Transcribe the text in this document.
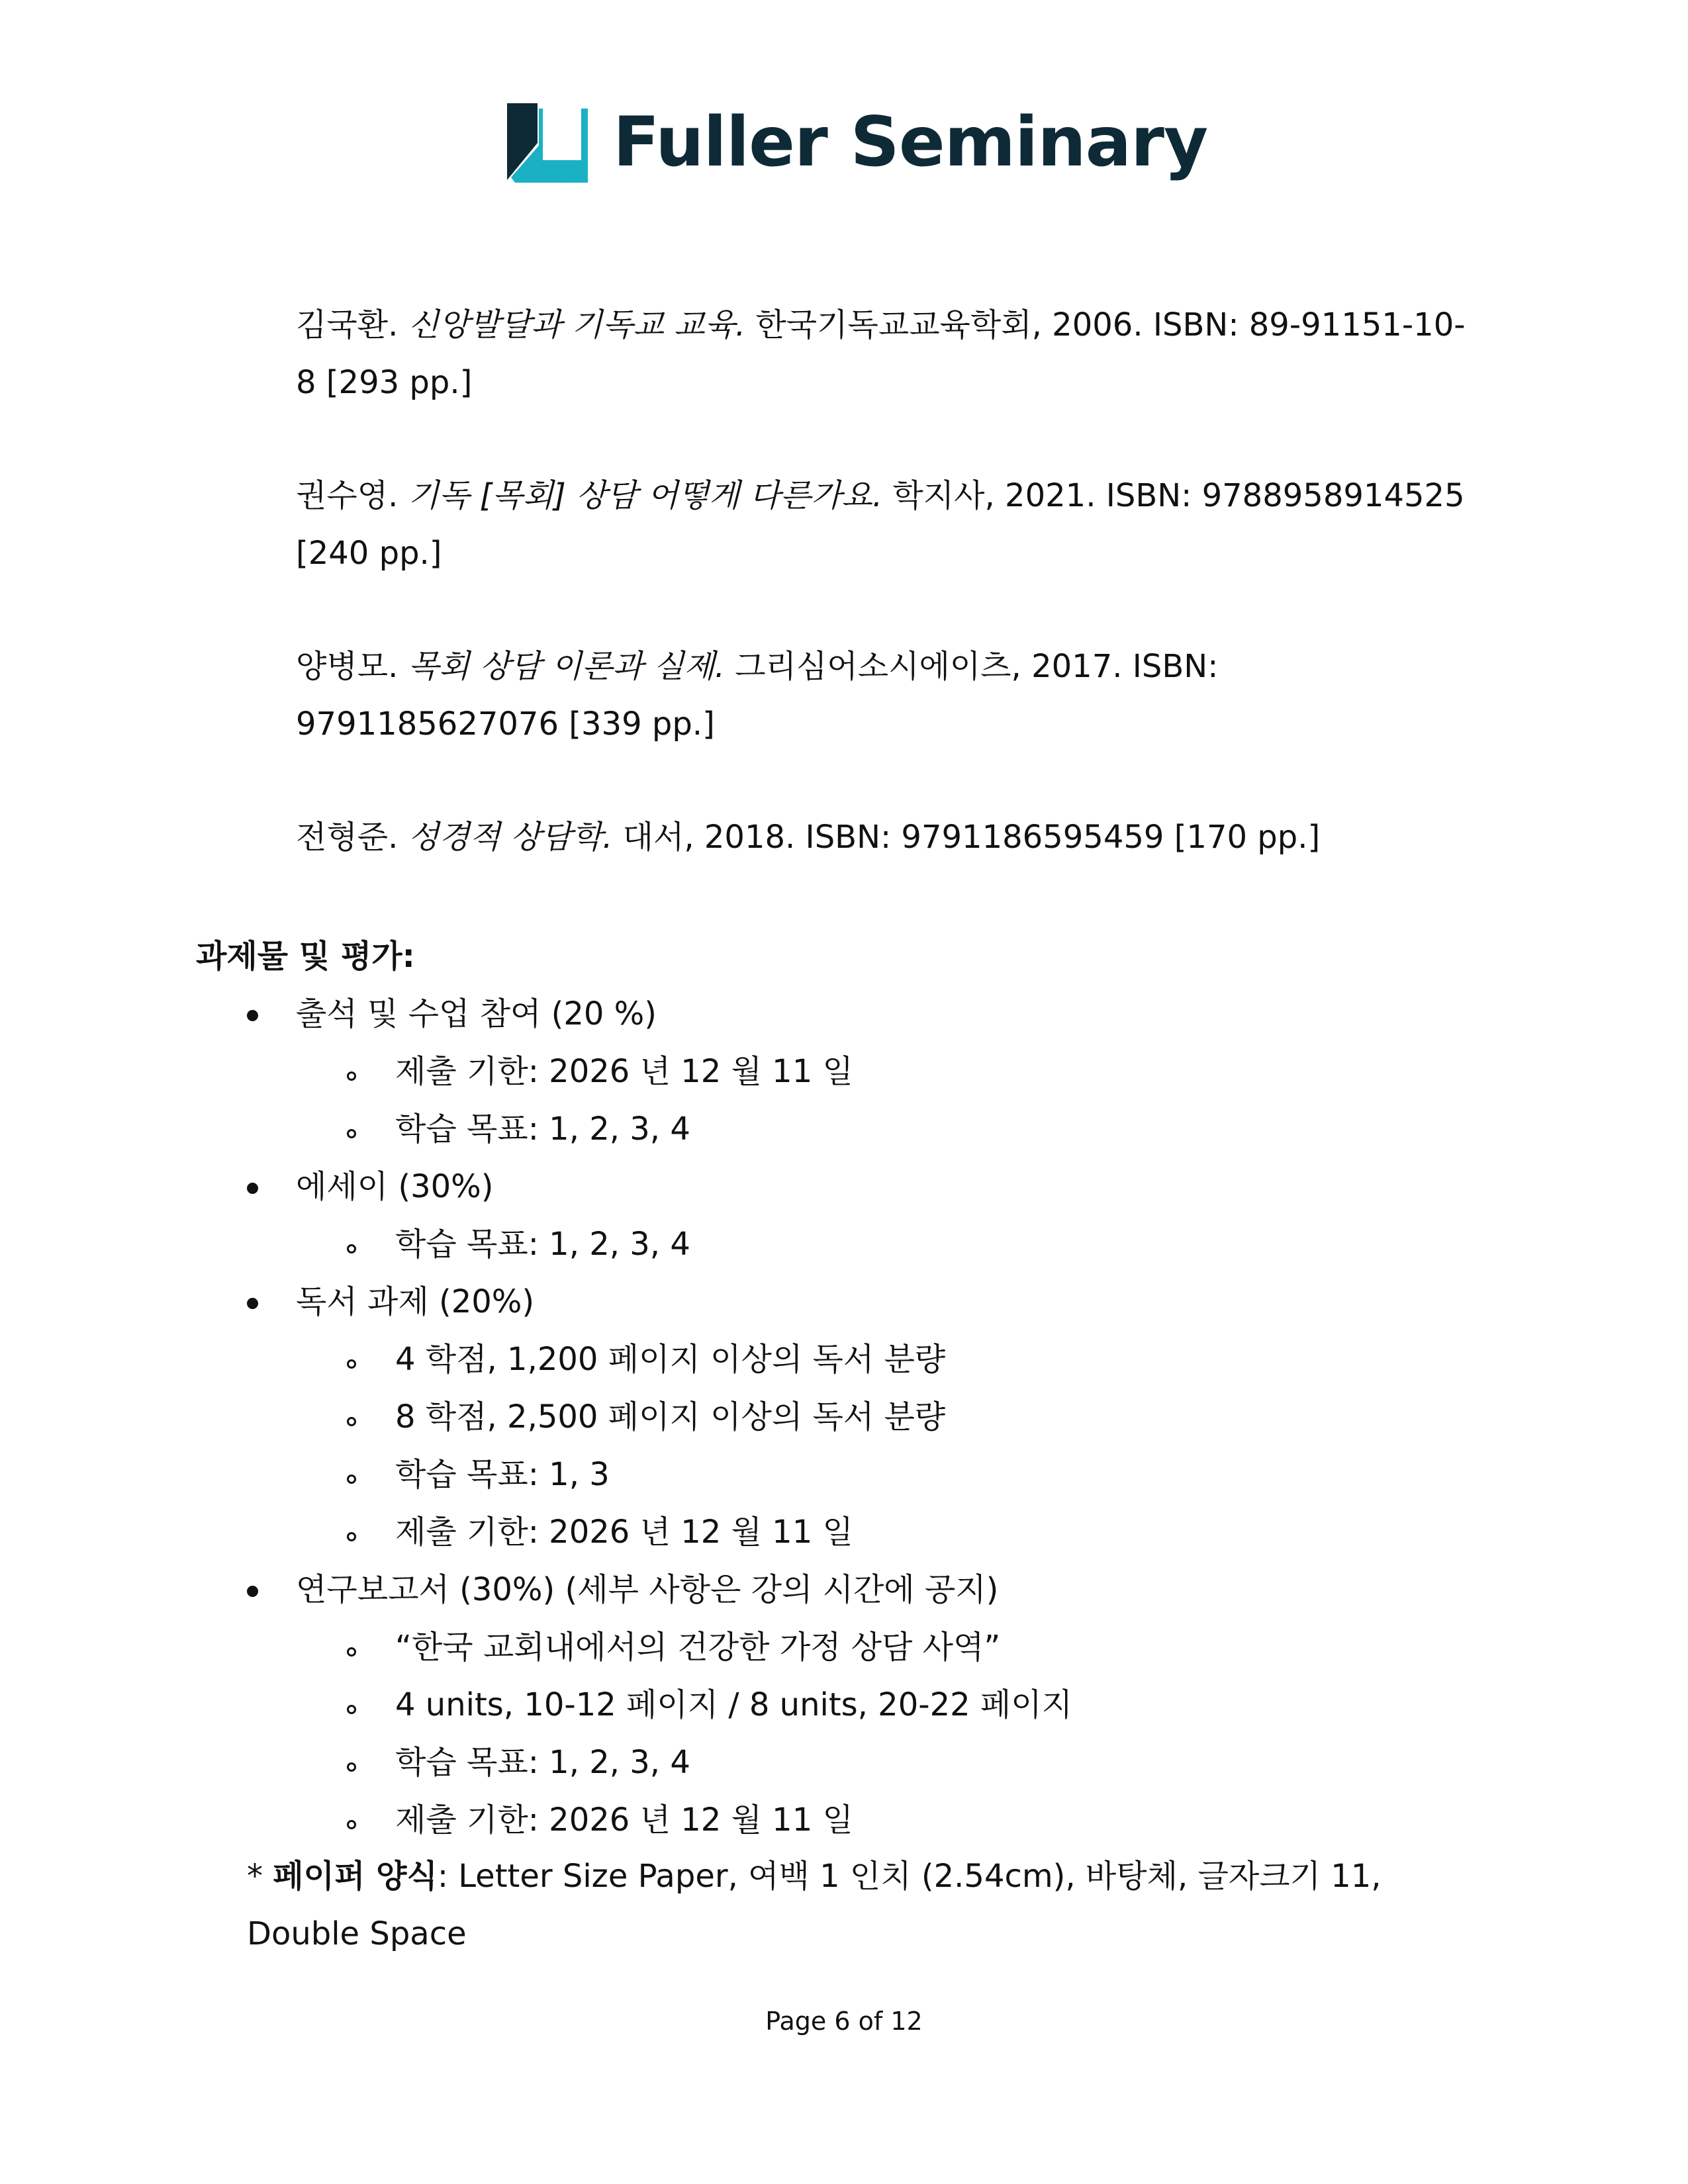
Fuller Seminary

김국환. 신앙발달과 기독교 교육. 한국기독교교육학회, 2006. ISBN: 89-91151-10-8 [293 pp.]

권수영. 기독 [목회] 상담 어떻게 다른가요. 학지사, 2021. ISBN: 9788958914525 [240 pp.]

양병모. 목회 상담 이론과 실제. 그리심어소시에이츠, 2017. ISBN: 9791185627076 [339 pp.]

전형준. 성경적 상담학. 대서, 2018. ISBN: 9791186595459 [170 pp.]

과제물 및 평가:
출석 및 수업 참여 (20 %)
제출 기한: 2026 년 12 월 11 일
학습 목표: 1, 2, 3, 4
에세이 (30%)
학습 목표: 1, 2, 3, 4
독서 과제 (20%)
4 학점, 1,200 페이지 이상의 독서 분량
8 학점, 2,500 페이지 이상의 독서 분량
학습 목표: 1, 3
제출 기한: 2026 년 12 월 11 일
연구보고서 (30%) (세부 사항은 강의 시간에 공지)
“한국 교회내에서의 건강한 가정 상담 사역”
4 units, 10-12 페이지 / 8 units, 20-22 페이지
학습 목표: 1, 2, 3, 4
제출 기한: 2026 년 12 월 11 일
* 페이퍼 양식: Letter Size Paper, 여백 1 인치 (2.54cm), 바탕체, 글자크기 11, Double Space
Page 6 of 12
